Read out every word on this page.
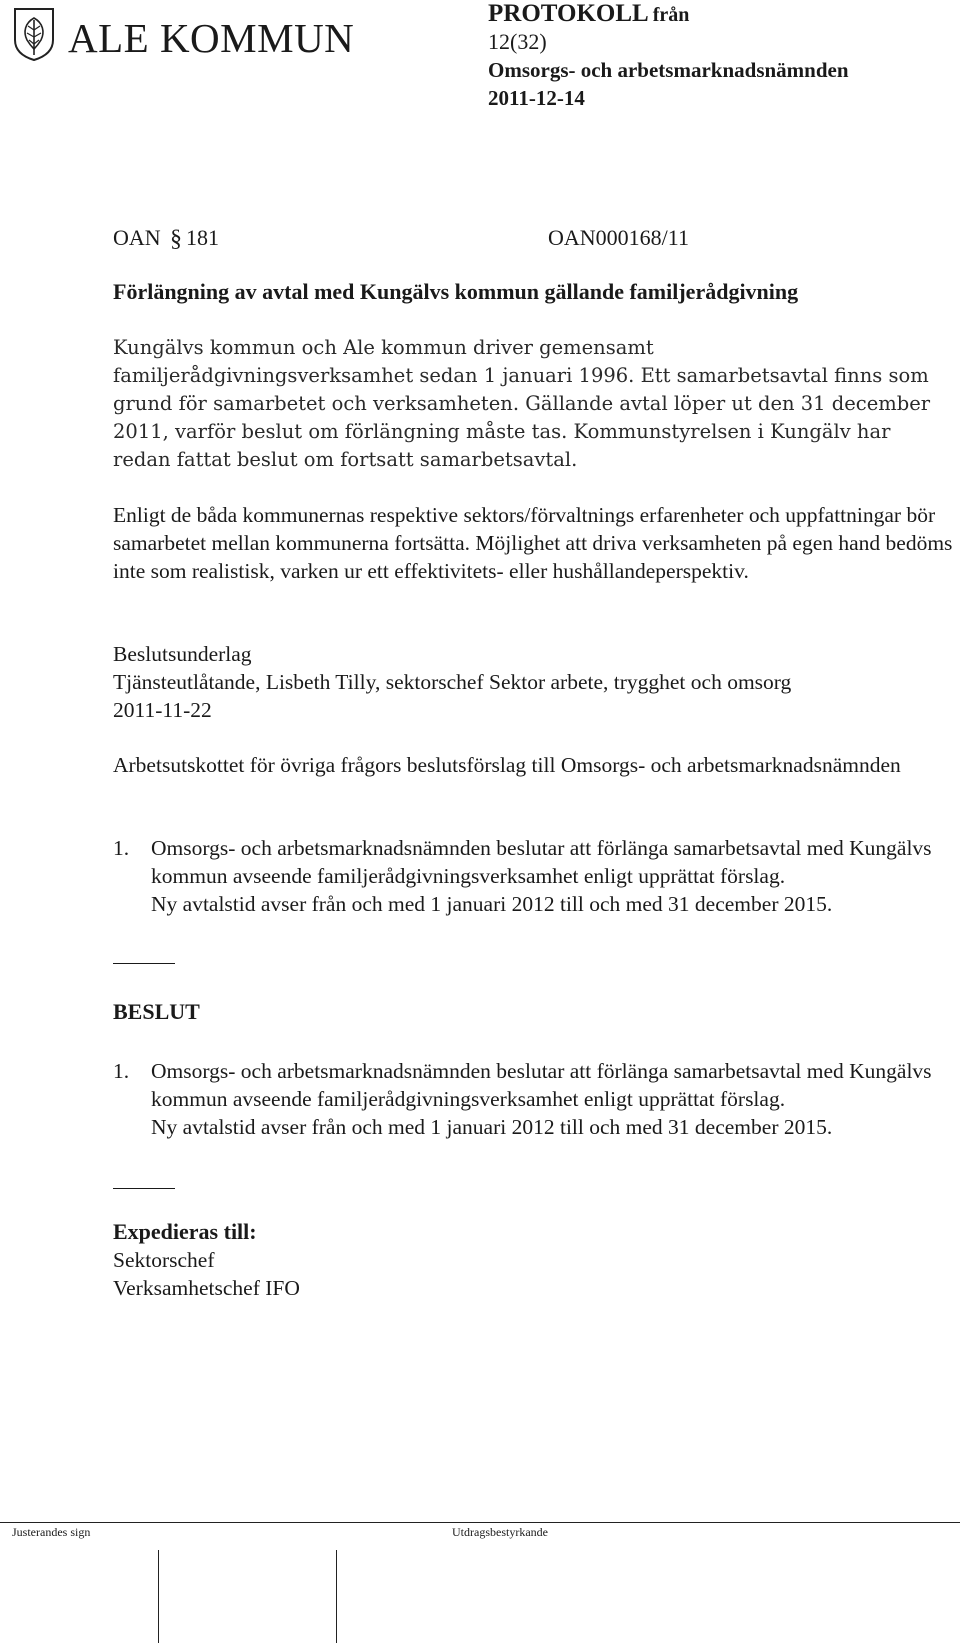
ALE KOMMUN
PROTOKOLL från
12(32)
Omsorgs- och arbetsmarknadsnämnden
2011-12-14
OAN § 181	OAN000168/11
Förlängning av avtal med Kungälvs kommun gällande familjerådgivning
Kungälvs kommun och Ale kommun driver gemensamt familjerådgivningsverksamhet sedan 1 januari 1996. Ett samarbetsavtal finns som grund för samarbetet och verksamheten. Gällande avtal löper ut den 31 december 2011, varför beslut om förlängning måste tas. Kommunstyrelsen i Kungälv har redan fattat beslut om fortsatt samarbetsavtal.
Enligt de båda kommunernas respektive sektors/förvaltnings erfarenheter och uppfattningar bör samarbetet mellan kommunerna fortsätta. Möjlighet att driva verksamheten på egen hand bedöms inte som realistisk, varken ur ett effektivitets- eller hushållandeperspektiv.
Beslutsunderlag
Tjänsteutlåtande, Lisbeth Tilly, sektorschef Sektor arbete, trygghet och omsorg
2011-11-22
Arbetsutskottet för övriga frågors beslutsförslag till Omsorgs- och arbetsmarknadsnämnden
1.	Omsorgs- och arbetsmarknadsnämnden beslutar att förlänga samarbetsavtal med Kungälvs kommun avseende familjerådgivningsverksamhet enligt upprättat förslag.
Ny avtalstid avser från och med 1 januari 2012 till och med 31 december 2015.
BESLUT
1.	Omsorgs- och arbetsmarknadsnämnden beslutar att förlänga samarbetsavtal med Kungälvs kommun avseende familjerådgivningsverksamhet enligt upprättat förslag.
Ny avtalstid avser från och med 1 januari 2012 till och med 31 december 2015.
Expedieras till:
Sektorschef
Verksamhetschef IFO
Justerandes sign	Utdragsbestyrkande
